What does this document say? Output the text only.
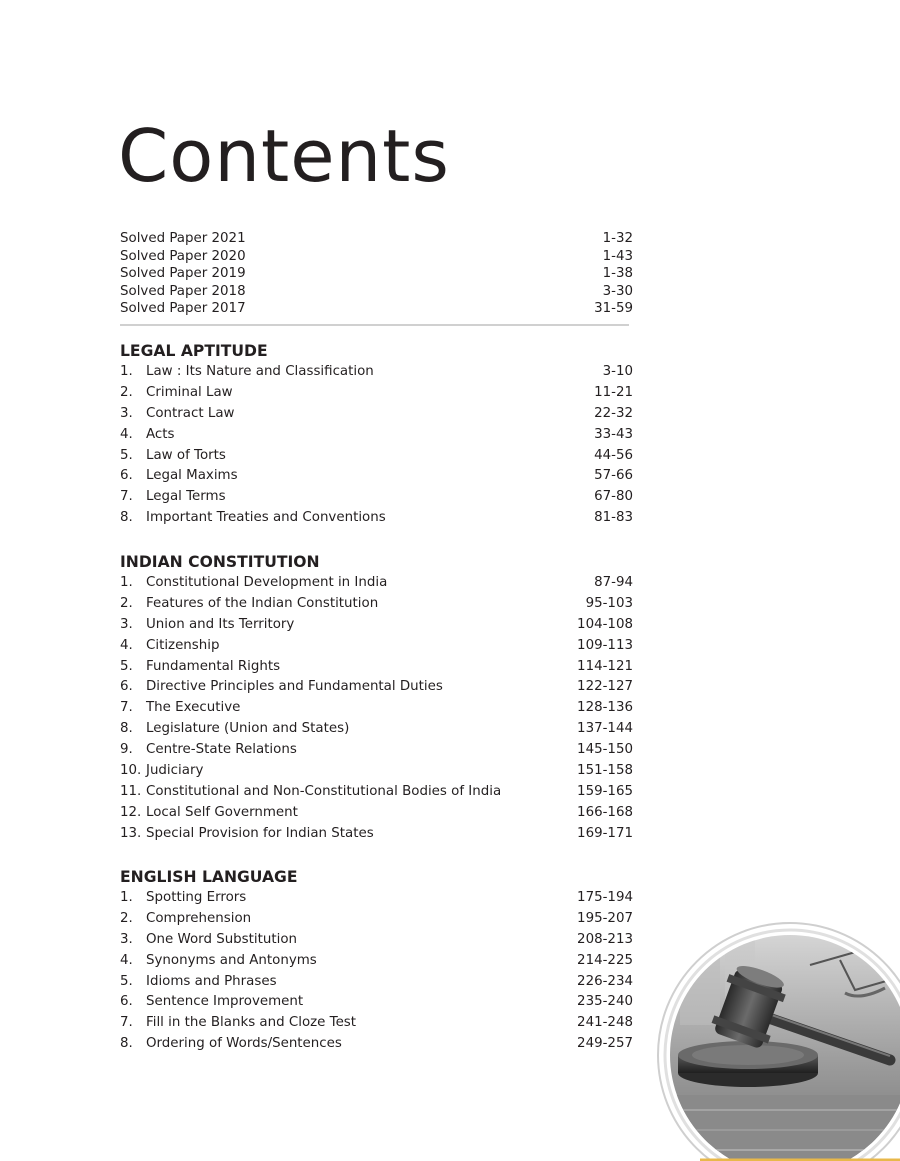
Contents
Solved Paper 2021	1-32
Solved Paper 2020	1-43
Solved Paper 2019	1-38
Solved Paper 2018	3-30
Solved Paper 2017	31-59
LEGAL APTITUDE
1. Law : Its Nature and Classification	3-10
2. Criminal Law	11-21
3. Contract Law	22-32
4. Acts	33-43
5. Law of Torts	44-56
6. Legal Maxims	57-66
7. Legal Terms	67-80
8. Important Treaties and Conventions	81-83
INDIAN CONSTITUTION
1. Constitutional Development in India	87-94
2. Features of the Indian Constitution	95-103
3. Union and Its Territory	104-108
4. Citizenship	109-113
5. Fundamental Rights	114-121
6. Directive Principles and Fundamental Duties	122-127
7. The Executive	128-136
8. Legislature (Union and States)	137-144
9. Centre-State Relations	145-150
10. Judiciary	151-158
11. Constitutional and Non-Constitutional Bodies of India	159-165
12. Local Self Government	166-168
13. Special Provision for Indian States	169-171
ENGLISH LANGUAGE
1. Spotting Errors	175-194
2. Comprehension	195-207
3. One Word Substitution	208-213
4. Synonyms and Antonyms	214-225
5. Idioms and Phrases	226-234
6. Sentence Improvement	235-240
7. Fill in the Blanks and Cloze Test	241-248
8. Ordering of Words/Sentences	249-257
